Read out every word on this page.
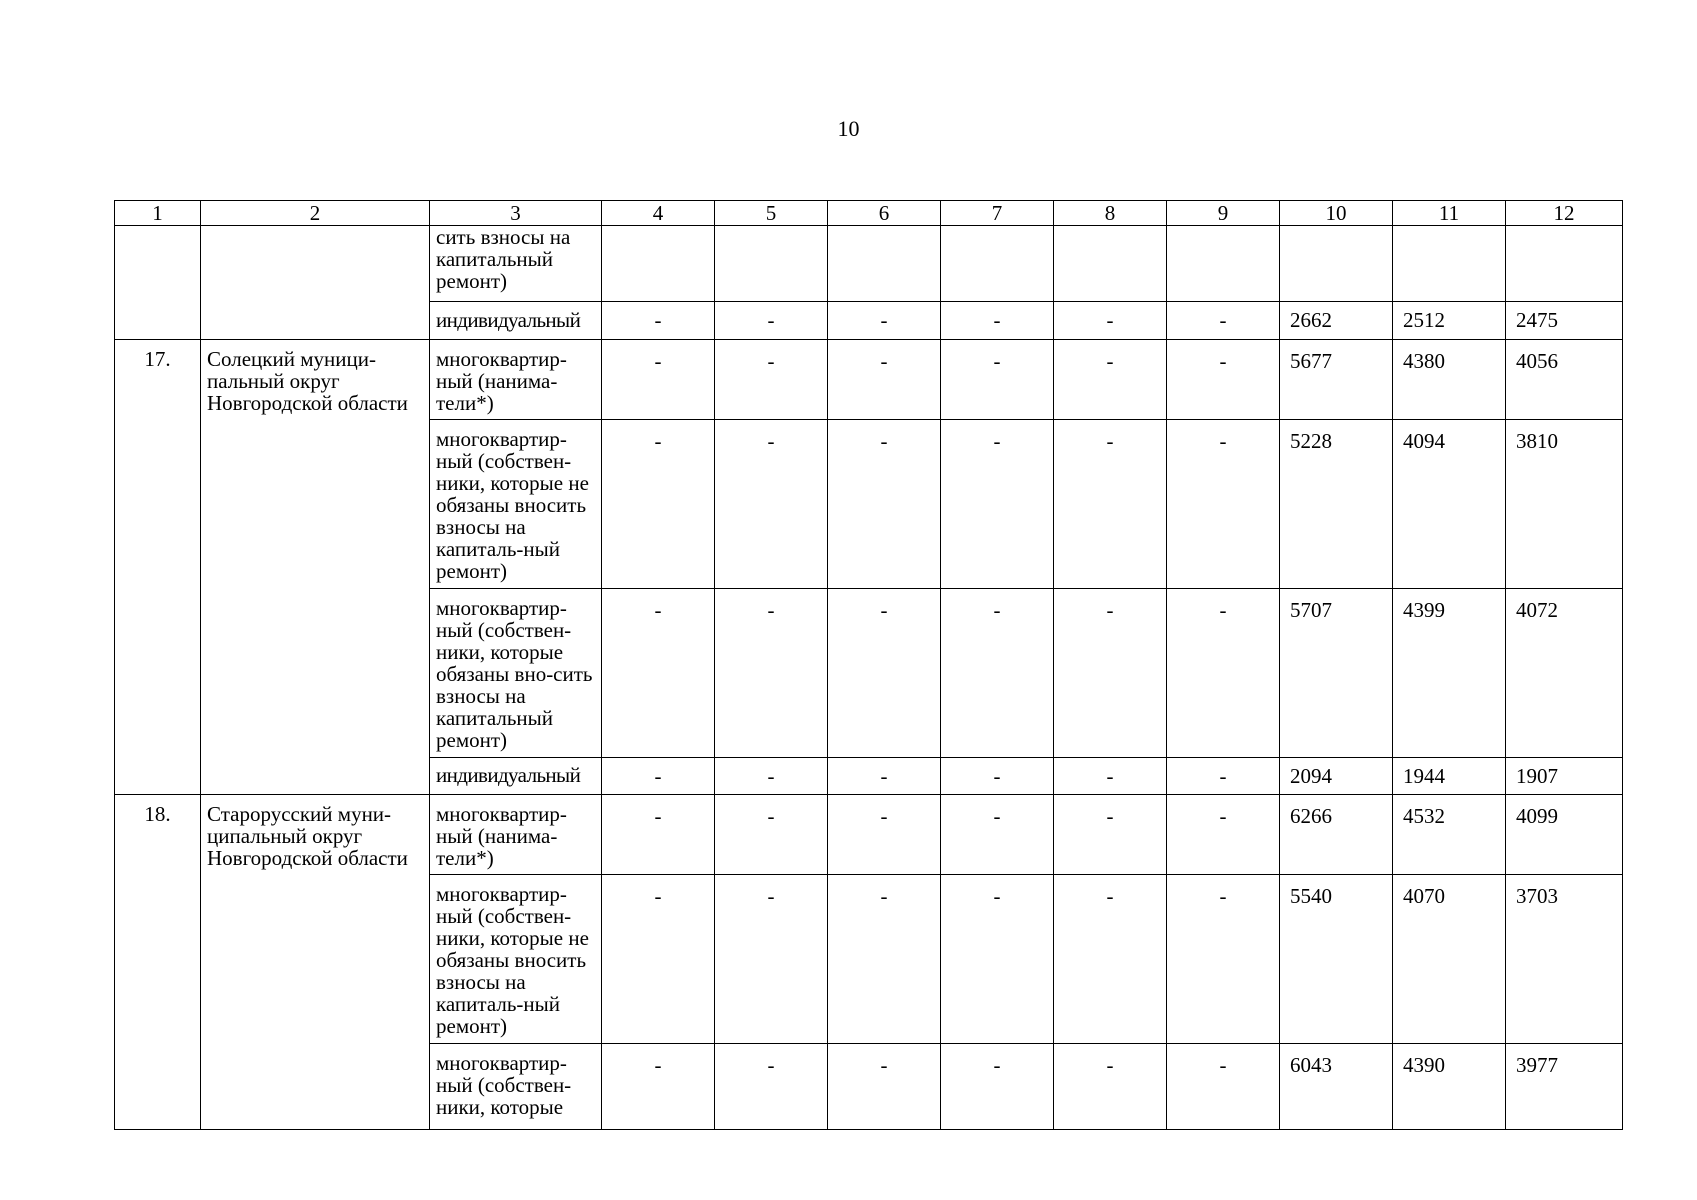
10
1	2	3	4	5	6	7	8	9	10	11	12
		сить взносы на капитальный ремонт)									
		индивидуальный	-	-	-	-	-	-	2662	2512	2475
17.	Солецкий муници-пальный округ Новгородской области	многоквартир-ный (нанима-тели*)	-	-	-	-	-	-	5677	4380	4056
		многоквартир-ный (собствен-ники, которые не обязаны вносить взносы на капиталь-ный ремонт)	-	-	-	-	-	-	5228	4094	3810
		многоквартир-ный (собствен-ники, которые обязаны вно-сить взносы на капитальный ремонт)	-	-	-	-	-	-	5707	4399	4072
		индивидуальный	-	-	-	-	-	-	2094	1944	1907
18.	Старорусский муни-ципальный округ Новгородской области	многоквартир-ный (нанима-тели*)	-	-	-	-	-	-	6266	4532	4099
		многоквартир-ный (собствен-ники, которые не обязаны вносить взносы на капиталь-ный ремонт)	-	-	-	-	-	-	5540	4070	3703
		многоквартир-ный (собствен-ники, которые	-	-	-	-	-	-	6043	4390	3977
